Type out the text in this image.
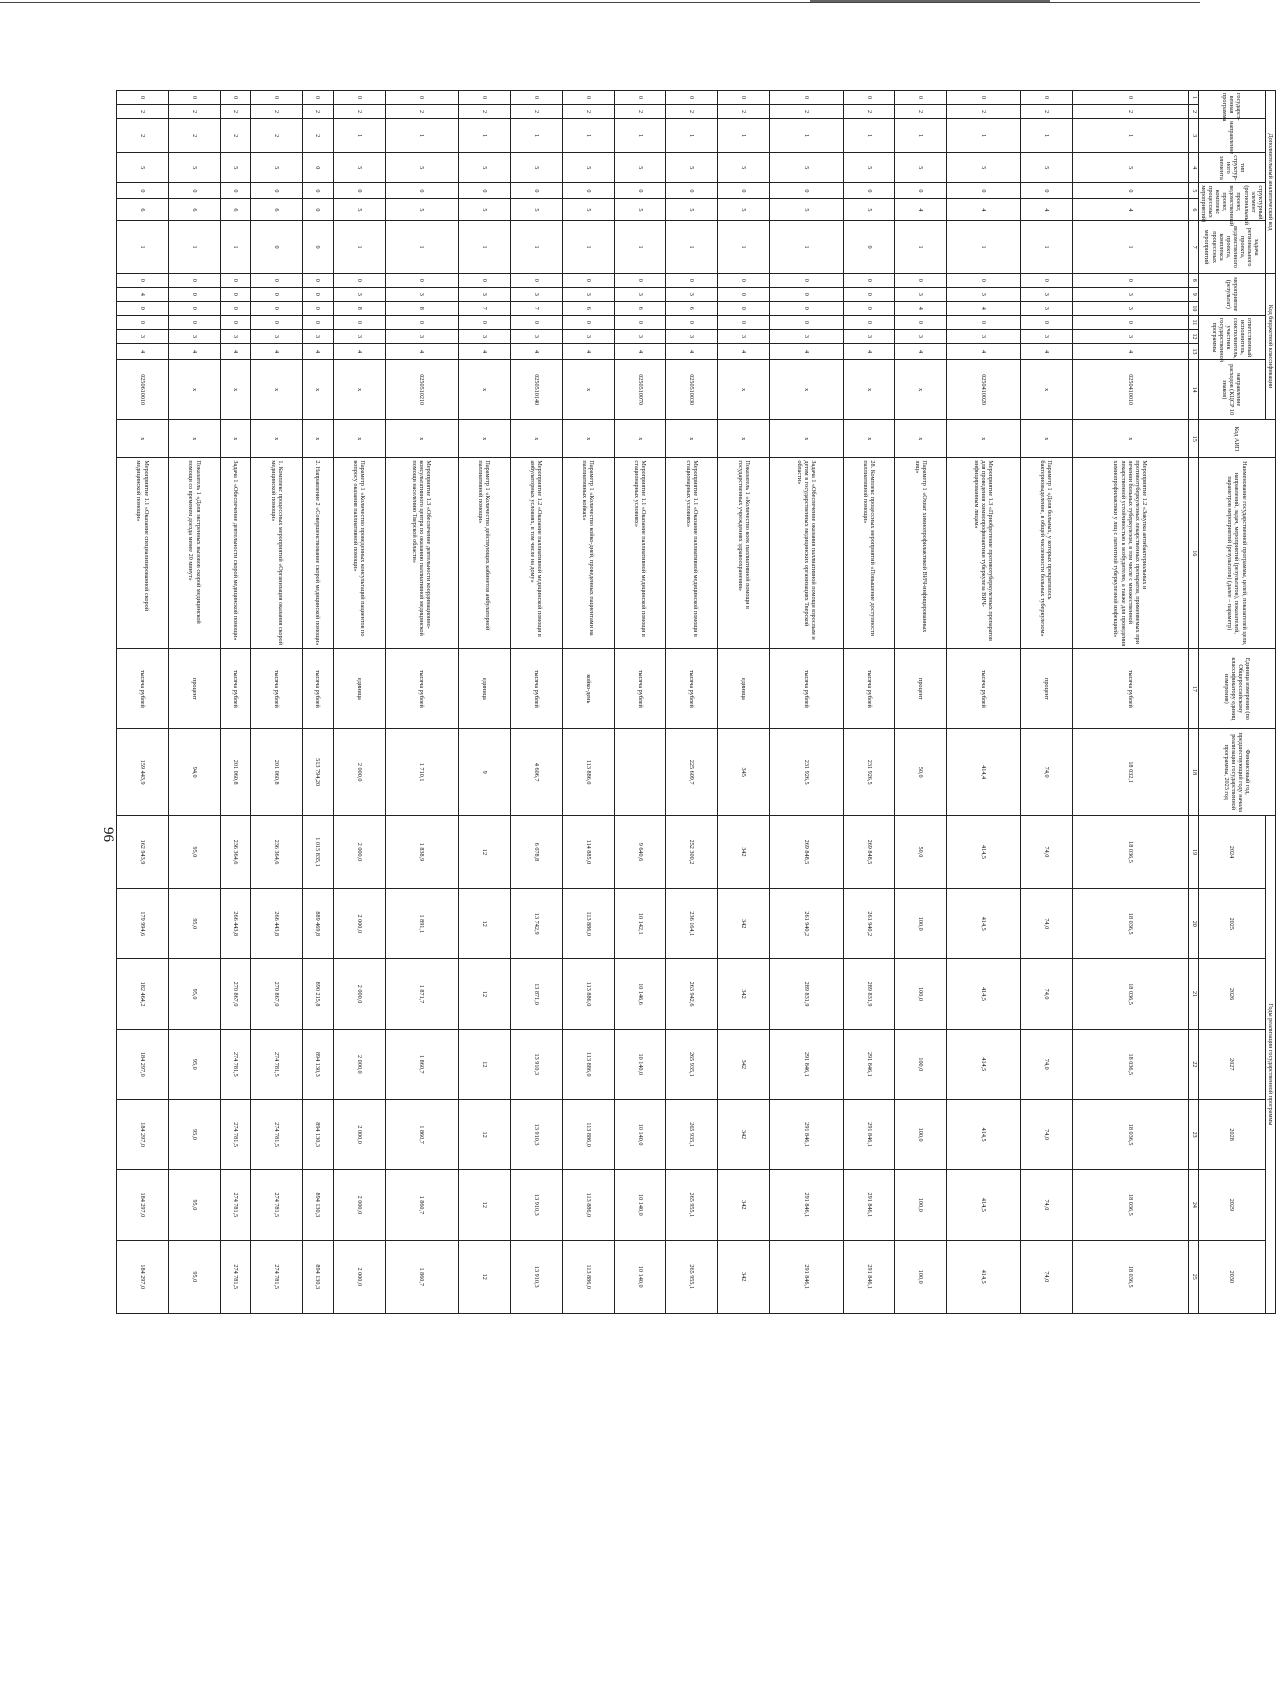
96
Дополнительный аналитический код							Код бюджетной классификации							Код АИП	Наименование государственной программы, целей, показателей цели, направлений, задач, мероприятий (результатов), показателей, параметров мероприятий (результатов) (далее – параметр)	Единица измерения (по Общероссийскому классификатору единиц измерения)	Финансовый год, предшествующий году начала реализации государственной программы, 2023 год	Годы реализации государственной программы						
государст-венная программа		направление	тип структур-ного элемента	структурный элемент (региональный проект, ведомственный проект, комплекс процессных мероприятий)		задача регионального проекта, ведомственного проекта, комплекса процессных мероприятий	мероприятие (результат)			ответственный исполнитель, соисполнитель, участник государственной программы			направление расходов (КЦСР 10 знаков)					2024	2025	2026	2027	2028	2029	2030

1	2	3	4	5	6	7	8	9	10	11	12	13	14	15	16	17	18	19	20	21	22	23	24	25
0	2	1	5	0	4	1	0	3	3	0	3	4	0250410010	x	Мероприятие 1.2 «Закупка антибактериальных и противотуберкулезных лекарственных препаратов, применяемых при лечении больных туберкулезом, в том числе с множественной лекарственной устойчивостью к возбудителю, а также для проведения химиопрофилактики у лиц с латентной туберкулезной инфекцией»	тысяча рублей	18 032,1	18 036,5	18 036,5	18 036,5	18 036,5	18 036,5	18 036,5	18 036,5
0	2	1	5	0	4	1	0	3	3	0	3	4	x	x	Параметр 1 «Доля больных, у которых прекратилось бактериовыделение, в общей численности больных туберкулезом»	процент	74,0	74,0	74,0	74,0	74,0	74,0	74,0	74,0
0	2	1	5	0	4	1	0	3	4	0	3	4	0250410020	x	Мероприятие 1.3 «Приобретение противотуберкулезных препаратов для проведения химиопрофилактики туберкулеза ВИЧ-инфицированным лицам»	тысяча рублей	414,4	414,5	414,5	414,5	414,5	414,5	414,5	414,5
0	2	1	5	0	4	1	0	3	4	0	3	4	x	x	Параметр 1 «Охват химиопрофилактикой ВИЧ-инфицированных лиц»	процент	50,0	50,0	100,0	100,0	100,0	100,0	100,0	100,0
0	2	1	5	0	5	0	0	0	0	0	3	4	x	x	28. Комплекс процессных мероприятий «Повышение доступности паллиативной помощи»	тысяча рублей	231 926,5	269 848,5	261 940,2	289 831,9	291 846,1	291 846,1	291 846,1	291 846,1
0	2	1	5	0	5	1	0	0	0	0	3	4	x	x	Задача 1 «Обеспечение оказания паллиативной помощи взрослым и детям в государственных медицинских организациях Тверской области»	тысяча рублей	231 926,5	269 848,5	261 940,2	289 831,9	291 846,1	291 846,1	291 846,1	291 846,1
0	2	1	5	0	5	1	0	0	0	0	3	4	x	x	Показатель 1 «Количество коек паллиативной помощи в государственных учреждениях здравоохранения»	единица	345	342	342	342	342	342	342	342
0	2	1	5	0	5	1	0	3	6	0	3	4	0250510030	x	Мероприятие 1.1 «Оказание паллиативной медицинской помощи в стационарных условиях»	тысяча рублей	225 609,7	252 300,2	236 164,1	263 942,6	265 935,1	265 935,1	265 955,1	265 955,1
0	2	1	5	0	5	1	0	3	6	0	3	4	0250510070	x	Мероприятие 1.1 «Оказание паллиативной медицинской помощи в стационарных условиях»	тысяча рублей		9 640,6	10 142,1	10 146,6	10 140,0	10 140,0	10 140,0	10 140,0
0	2	1	5	0	5	1	0	3	6	0	3	4	x	x	Параметр 1 «Количество койко-дней, проведенных пациентами на паллиативных койках»	койко-день	113 886,0	114 885,0	113 886,0	113 886,0	113 886,0	113 886,0	113 886,0	113 886,0
0	2	1	5	0	5	1	0	3	7	0	3	4	0250510140	x	Мероприятие 1.2 «Оказание паллиативной медицинской помощи в амбулаторных условиях, в том числе на дому»	тысяча рублей	4 606,7	6 078,8	13 742,9	13 871,0	13 910,3	13 910,3	13 910,3	13 910,3
0	2	1	5	0	5	1	0	3	7	0	3	4	x	x	Параметр 1 «Количество действующих кабинетов амбулаторной паллиативной помощи»	единица	9	12	12	12	12	12	12	12
0	2	1	5	0	5	1	0	3	8	0	3	4	0250510210	x	Мероприятие 1.3 «Обеспечение деятельности координационно-консультативного центра по оказанию паллиативной медицинской помощи населению Тверской области»	тысяча рублей	1 710,1	1 838,9	1 891,1	1 871,7	1 860,7	1 860,7	1 860,7	1 860,7
0	2	1	5	0	5	1	0	3	8	0	3	4	x	x	Параметр 1 «Количество проведенных консультаций пациентов по вопросу оказания паллиативной помощи»	единица	2 000,0	2 000,0	2 000,0	2 000,0	2 000,0	2 000,0	2 000,0	2 000,0
0	2	2	0	0	0	0	0	0	0	0	3	4	x	x	2. Направление 2 «Совершенствование скорой медицинской помощи»	тысяча рублей	513 794,20	1 015 835,1	889 469,8	890 215,8	894 130,3	894 130,3	894 130,3	894 130,3
0	2	2	5	0	6	0	0	0	0	0	3	4	x	x	1. Комплекс процессных мероприятий «Организация оказания скорой медицинской помощи»	тысяча рублей	201 060,8	236 364,6	266 443,8	270 867,0	274 781,5	274 781,5	274 781,5	274 781,5
0	2	2	5	0	6	1	0	0	0	0	3	4	x	x	Задача 1 «Обеспечение деятельности скорой медицинской помощи»	тысяча рублей	201 060,8	236 364,6	266 443,8	270 867,0	274 781,5	274 781,5	274 781,5	274 781,5
0	2	2	5	0	6	1	0	0	0	0	3	4	x	x	Показатель 1 «Доля экстренных вызовов скорой медицинской помощи со временем доезда менее 20 минут»	процент	94,0	95,0	95,0	95,0	95,0	95,0	95,0	95,0
0	2	2	5	0	6	1	0	4	0	0	3	4	0250610010	x	Мероприятие 1.1 «Оказание специализированной скорой медицинской помощи»	тысяча рублей	159 443,9	162 943,9	179 994,6	182 464,2	184 297,0	184 297,0	184 297,0	184 297,0
